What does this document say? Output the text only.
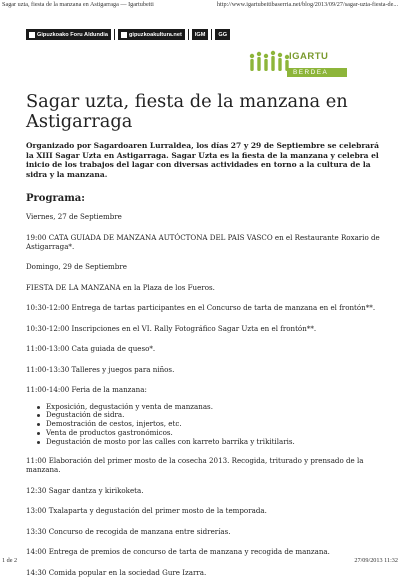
Sagar uzta, fiesta de la manzana en Astigarraga — Igartubeiti	http://www.igartubeitibaserria.net/blog/2013/09/27/sagar-uzta-fiesta-de...
Gipuzkoako Foru Aldundia	gipuzkoakultura.net IGM GG
IGARTU
BERDEA
Sagar uzta, fiesta de la manzana en Astigarraga

Organizado por Sagardoaren Lurraldea, los días 27 y 29 de Septiembre se celebrará la XIII Sagar Uzta en Astigarraga. Sagar Uzta es la fiesta de la manzana y celebra el inicio de los trabajos del lagar con diversas actividades en torno a la cultura de la sidra y la manzana.

Programa:

Viernes, 27 de Septiembre

19:00 CATA GUIADA DE MANZANA AUTÓCTONA DEL PAIS VASCO en el Restaurante Roxario de Astigarraga*.

Domingo, 29 de Septiembre

FIESTA DE LA MANZANA en la Plaza de los Fueros.

10:30-12:00 Entrega de tartas participantes en el Concurso de tarta de manzana en el frontón**.

10:30-12:00 Inscripciones en el VI. Rally Fotográfico Sagar Uzta en el frontón**.

11:00-13:00 Cata guiada de queso*.

11:00-13:30 Talleres y juegos para niños.

11:00-14:00 Feria de la manzana:

Exposición, degustación y venta de manzanas.
Degustación de sidra.
Demostración de cestos, injertos, etc.
Venta de productos gastronómicos.
Degustación de mosto por las calles con karreto barrika y trikitilaris.

11:00 Elaboración del primer mosto de la cosecha 2013. Recogida, triturado y prensado de la manzana.

12:30 Sagar dantza y kirikoketa.

13:00 Txalaparta y degustación del primer mosto de la temporada.

13:30 Concurso de recogida de manzana entre sidrerías.

14:00 Entrega de premios de concurso de tarta de manzana y recogida de manzana.

14:30 Comida popular en la sociedad Gure Izarra.

1 de 2	27/09/2013 11:32
